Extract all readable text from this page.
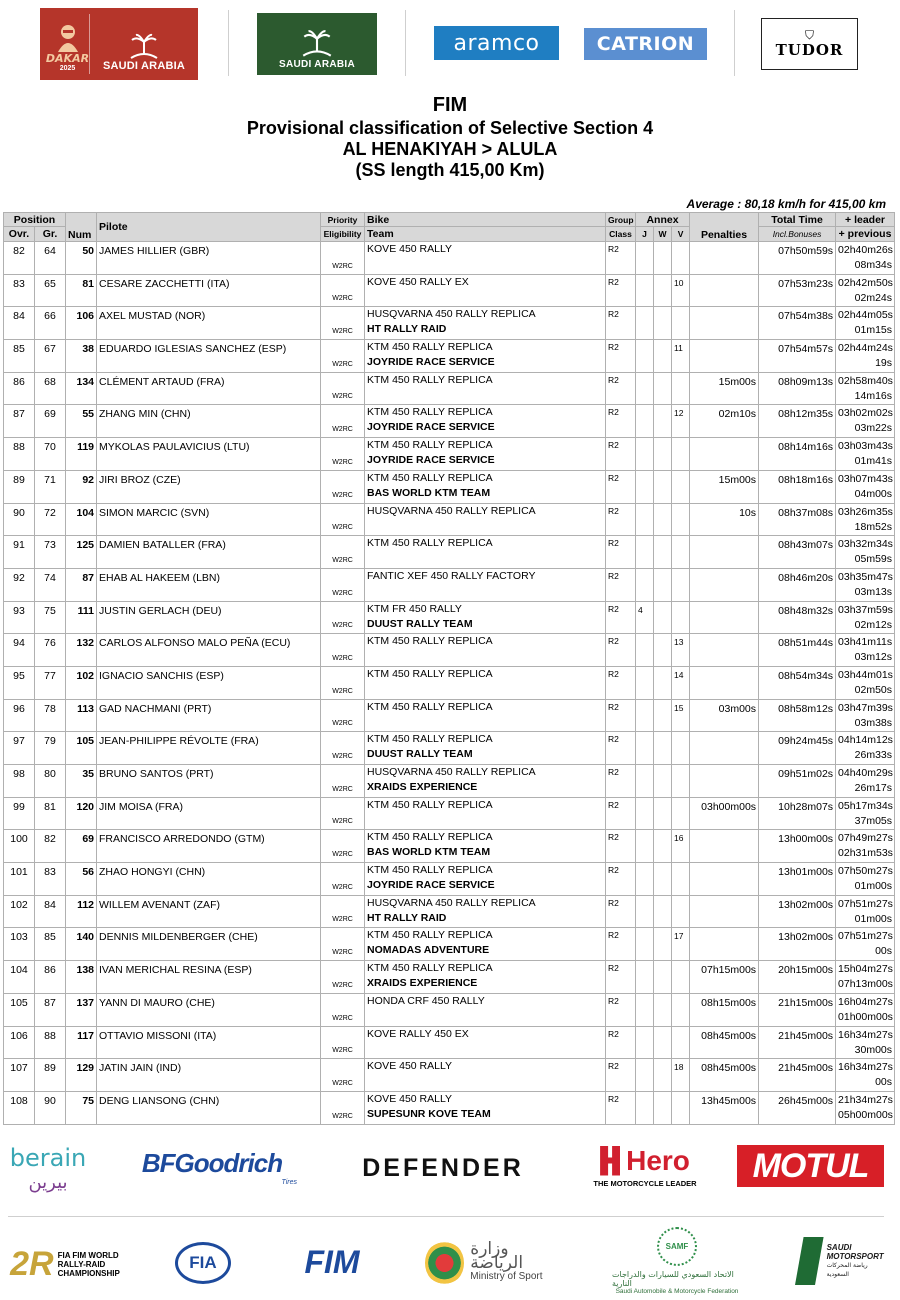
DAKAR
2025	SAUDI ARABIA	SAUDI ARABIA
aramco	CATRION	⛉
TUDOR
FIM
Provisional classification of Selective Section 4
AL HENAKIYAH > ALULA
(SS length 415,00 Km)
Average : 80,18 km/h for 415,00 km
Position		Num	Pilote	Priority	Bike	Group	Annex			Penalties	Total Time	+ leader
Ovr.	Gr.			Eligibility	Team	Class	J	W	V		Incl.Bonuses	+ previous
82	64	50	JAMES HILLIER (GBR)	W2RC	KOVE 450 RALLY	R2					07h50m59s	02h40m26s
08m34s

83	65	81	CESARE ZACCHETTI (ITA)	W2RC	KOVE 450 RALLY EX	R2			10		07h53m23s	02h42m50s
02m24s

84	66	106	AXEL MUSTAD (NOR)	W2RC	HUSQVARNA 450 RALLY REPLICA
HT RALLY RAID	R2					07h54m38s	02h44m05s
01m15s

85	67	38	EDUARDO IGLESIAS SANCHEZ (ESP)	W2RC	KTM 450 RALLY REPLICA
JOYRIDE RACE SERVICE	R2			11		07h54m57s	02h44m24s
19s

86	68	134	CLÉMENT ARTAUD (FRA)	W2RC	KTM 450 RALLY REPLICA	R2				15m00s	08h09m13s	02h58m40s
14m16s

87	69	55	ZHANG MIN (CHN)	W2RC	KTM 450 RALLY REPLICA
JOYRIDE RACE SERVICE	R2			12	02m10s	08h12m35s	03h02m02s
03m22s

88	70	119	MYKOLAS PAULAVICIUS (LTU)	W2RC	KTM 450 RALLY REPLICA
JOYRIDE RACE SERVICE	R2					08h14m16s	03h03m43s
01m41s

89	71	92	JIRI BROZ (CZE)	W2RC	KTM 450 RALLY REPLICA
BAS WORLD KTM TEAM	R2				15m00s	08h18m16s	03h07m43s
04m00s

90	72	104	SIMON MARCIC (SVN)	W2RC	HUSQVARNA 450 RALLY REPLICA	R2				10s	08h37m08s	03h26m35s
18m52s

91	73	125	DAMIEN BATALLER (FRA)	W2RC	KTM 450 RALLY REPLICA	R2					08h43m07s	03h32m34s
05m59s

92	74	87	EHAB AL HAKEEM (LBN)	W2RC	FANTIC XEF 450 RALLY FACTORY	R2					08h46m20s	03h35m47s
03m13s

93	75	111	JUSTIN GERLACH (DEU)	W2RC	KTM FR 450 RALLY
DUUST RALLY TEAM	R2	4				08h48m32s	03h37m59s
02m12s

94	76	132	CARLOS ALFONSO MALO PEÑA (ECU)	W2RC	KTM 450 RALLY REPLICA	R2			13		08h51m44s	03h41m11s
03m12s

95	77	102	IGNACIO SANCHIS (ESP)	W2RC	KTM 450 RALLY REPLICA	R2			14		08h54m34s	03h44m01s
02m50s

96	78	113	GAD NACHMANI (PRT)	W2RC	KTM 450 RALLY REPLICA	R2			15	03m00s	08h58m12s	03h47m39s
03m38s

97	79	105	JEAN-PHILIPPE RÉVOLTE (FRA)	W2RC	KTM 450 RALLY REPLICA
DUUST RALLY TEAM	R2					09h24m45s	04h14m12s
26m33s

98	80	35	BRUNO SANTOS (PRT)	W2RC	HUSQVARNA 450 RALLY REPLICA
XRAIDS EXPERIENCE	R2					09h51m02s	04h40m29s
26m17s

99	81	120	JIM MOISA (FRA)	W2RC	KTM 450 RALLY REPLICA	R2				03h00m00s	10h28m07s	05h17m34s
37m05s

100	82	69	FRANCISCO ARREDONDO (GTM)	W2RC	KTM 450 RALLY REPLICA
BAS WORLD KTM TEAM	R2			16		13h00m00s	07h49m27s
02h31m53s

101	83	56	ZHAO HONGYI (CHN)	W2RC	KTM 450 RALLY REPLICA
JOYRIDE RACE SERVICE	R2					13h01m00s	07h50m27s
01m00s

102	84	112	WILLEM AVENANT (ZAF)	W2RC	HUSQVARNA 450 RALLY REPLICA
HT RALLY RAID	R2					13h02m00s	07h51m27s
01m00s

103	85	140	DENNIS MILDENBERGER (CHE)	W2RC	KTM 450 RALLY REPLICA
NOMADAS ADVENTURE	R2			17		13h02m00s	07h51m27s
00s

104	86	138	IVAN MERICHAL RESINA (ESP)	W2RC	KTM 450 RALLY REPLICA
XRAIDS EXPERIENCE	R2				07h15m00s	20h15m00s	15h04m27s
07h13m00s

105	87	137	YANN DI MAURO (CHE)	W2RC	HONDA CRF 450 RALLY	R2				08h15m00s	21h15m00s	16h04m27s
01h00m00s

106	88	117	OTTAVIO MISSONI (ITA)	W2RC	KOVE RALLY 450 EX	R2				08h45m00s	21h45m00s	16h34m27s
30m00s

107	89	129	JATIN JAIN (IND)	W2RC	KOVE 450 RALLY	R2			18	08h45m00s	21h45m00s	16h34m27s
00s

108	90	75	DENG LIANSONG (CHN)	W2RC	KOVE 450 RALLY
SUPESUNR KOVE TEAM	R2				13h45m00s	26h45m00s	21h34m27s
05h00m00s
berain
بيرين
BFGoodrich
Tires
DEFENDER	Hero
THE MOTORCYCLE LEADER	MOTUL
2R FIA FIM WORLD
RALLY-RAID
CHAMPIONSHIP
FIA	FIM	وزارة الرياضة
Ministry of Sport
SAMF
الاتحاد السعودي للسيارات والدراجات النارية
Saudi Automobile & Motorcycle Federation
SAUDI
MOTORSPORT
رياضة المحركات السعودية
